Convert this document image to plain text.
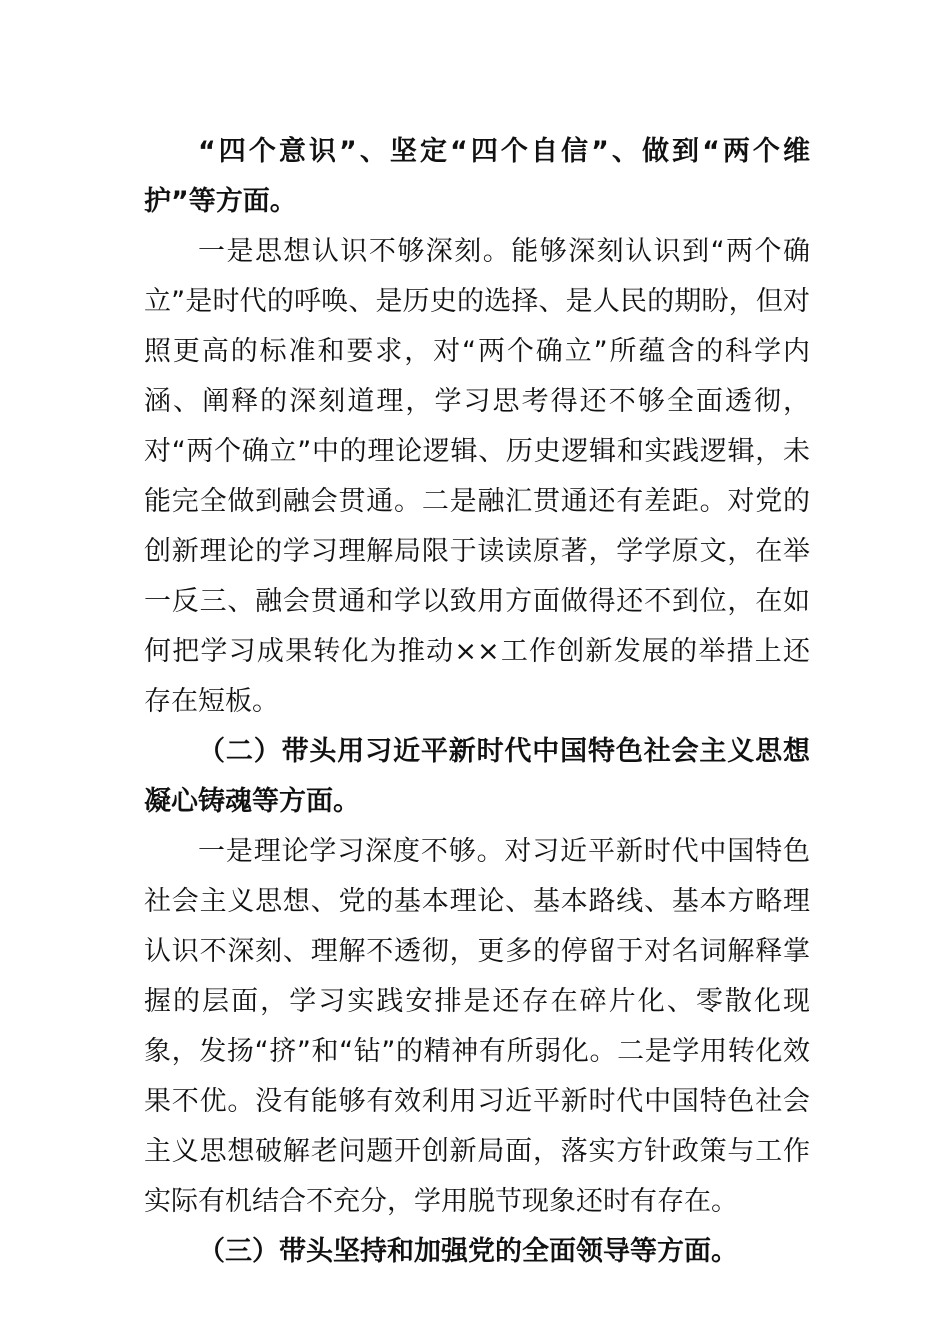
“四个意识”、坚定“四个自信”、做到“两个维护”等方面。

一是思想认识不够深刻。能够深刻认识到“两个确立”是时代的呼唤、是历史的选择、是人民的期盼，但对照更高的标准和要求，对“两个确立”所蕴含的科学内涵、阐释的深刻道理，学习思考得还不够全面透彻，对“两个确立”中的理论逻辑、历史逻辑和实践逻辑，未能完全做到融会贯通。二是融汇贯通还有差距。对党的创新理论的学习理解局限于读读原著，学学原文，在举一反三、融会贯通和学以致用方面做得还不到位，在如何把学习成果转化为推动××工作创新发展的举措上还存在短板。

（二）带头用习近平新时代中国特色社会主义思想凝心铸魂等方面。

一是理论学习深度不够。对习近平新时代中国特色社会主义思想、党的基本理论、基本路线、基本方略理认识不深刻、理解不透彻，更多的停留于对名词解释掌握的层面，学习实践安排是还存在碎片化、零散化现象，发扬“挤”和“钻”的精神有所弱化。二是学用转化效果不优。没有能够有效利用习近平新时代中国特色社会主义思想破解老问题开创新局面，落实方针政策与工作实际有机结合不充分，学用脱节现象还时有存在。

（三）带头坚持和加强党的全面领导等方面。
